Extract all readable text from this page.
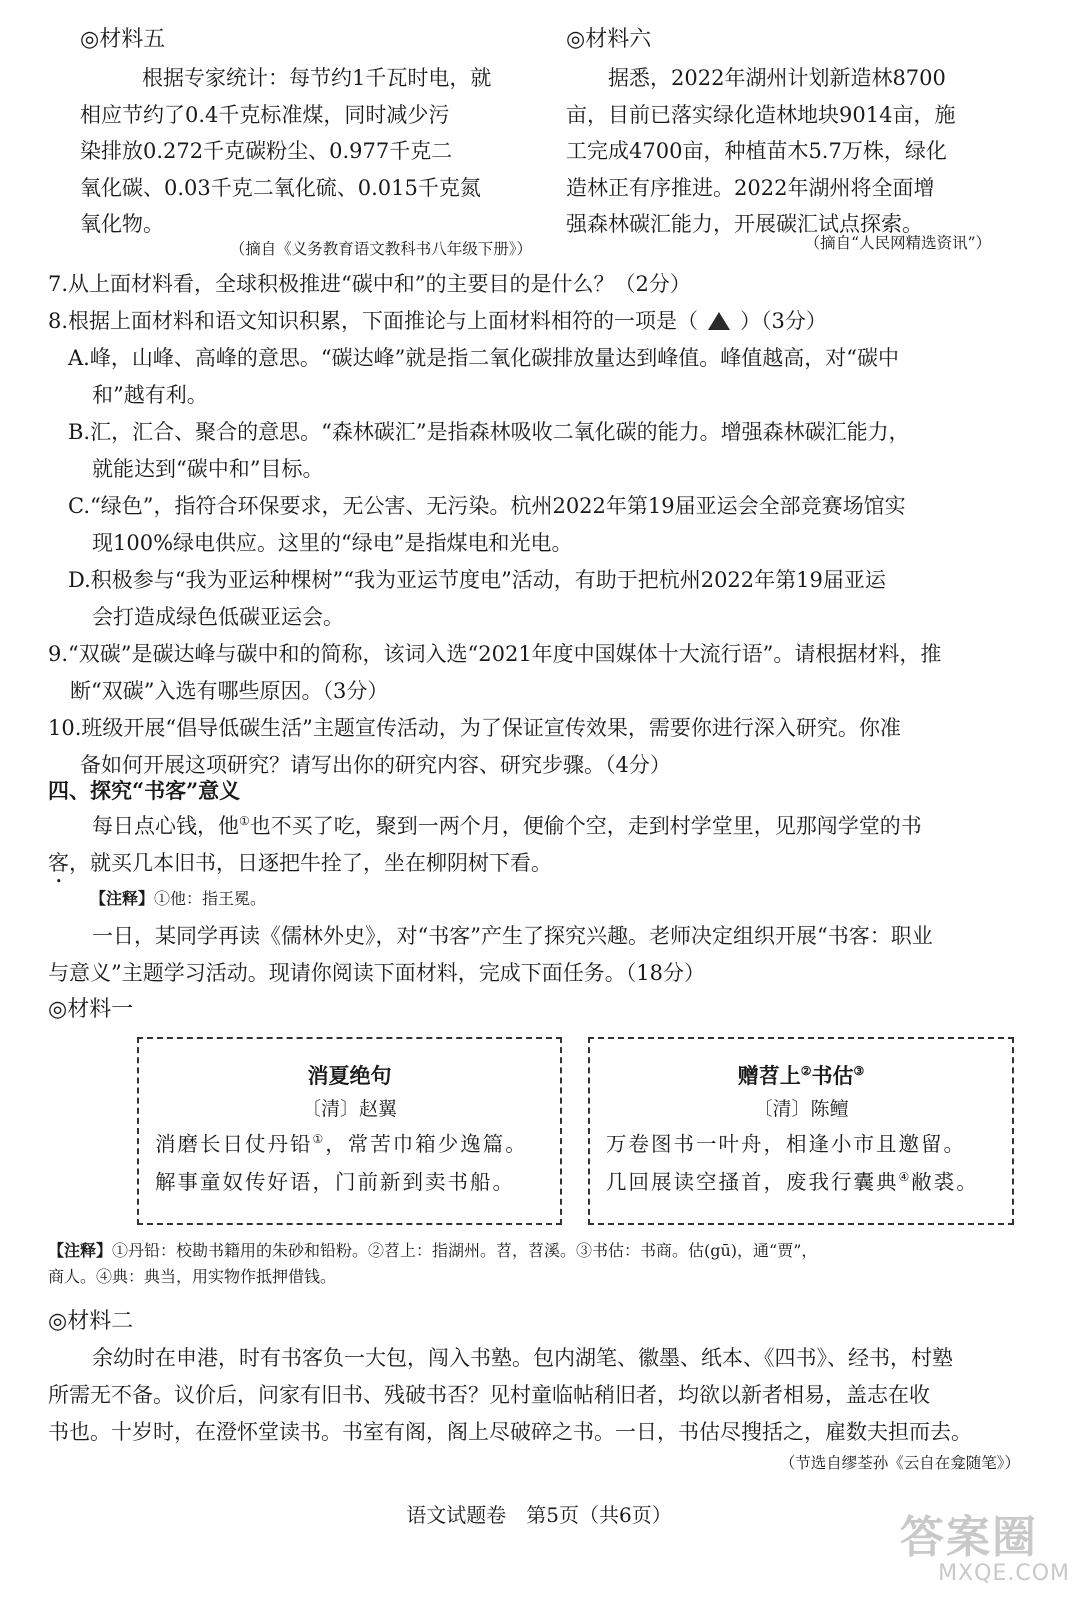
◎材料五

根据专家统计：每节约1千瓦时电，就

相应节约了0.4千克标准煤，同时减少污

染排放0.272千克碳粉尘、0.977千克二

氧化碳、0.03千克二氧化硫、0.015千克氮

氧化物。

（摘自《义务教育语文教科书八年级下册》）
◎材料六

据悉，2022年湖州计划新造林8700

亩，目前已落实绿化造林地块9014亩，施

工完成4700亩，种植苗木5.7万株，绿化

造林正有序推进。2022年湖州将全面增

强森林碳汇能力，开展碳汇试点探索。

（摘自“人民网精选资讯”）

7.从上面材料看，全球积极推进“碳中和”的主要目的是什么？（2分）

8.根据上面材料和语文知识积累，下面推论与上面材料相符的一项是（ ）（3分）

A.峰，山峰、高峰的意思。“碳达峰”就是指二氧化碳排放量达到峰值。峰值越高，对“碳中

和”越有利。

B.汇，汇合、聚合的意思。“森林碳汇”是指森林吸收二氧化碳的能力。增强森林碳汇能力，

就能达到“碳中和”目标。

C.“绿色”，指符合环保要求，无公害、无污染。杭州2022年第19届亚运会全部竞赛场馆实

现100%绿电供应。这里的“绿电”是指煤电和光电。

D.积极参与“我为亚运种棵树”“我为亚运节度电”活动，有助于把杭州2022年第19届亚运

会打造成绿色低碳亚运会。

9.“双碳”是碳达峰与碳中和的简称，该词入选“2021年度中国媒体十大流行语”。请根据材料，推

断“双碳”入选有哪些原因。（3分）

10.班级开展“倡导低碳生活”主题宣传活动，为了保证宣传效果，需要你进行深入研究。你准

备如何开展这项研究？请写出你的研究内容、研究步骤。（4分）

四、探究“书客”意义

每日点心钱，他①也不买了吃，聚到一两个月，便偷个空，走到村学堂里，见那闯学堂的书

客，就买几本旧书，日逐把牛拴了，坐在柳阴树下看。

【注释】①他：指王冕。

一日，某同学再读《儒林外史》，对“书客”产生了探究兴趣。老师决定组织开展“书客：职业

与意义”主题学习活动。现请你阅读下面材料，完成下面任务。（18分）

◎材料一
消夏绝句
〔清〕赵翼
消磨长日仗丹铅①，常苦巾箱少逸篇。
解事童奴传好语，门前新到卖书船。
赠苕上②书估③
〔清〕陈鳣
万卷图书一叶舟，相逢小市且邀留。
几回展读空搔首，废我行囊典④敝裘。

【注释】①丹铅：校勘书籍用的朱砂和铅粉。②苕上：指湖州。苕，苕溪。③书估：书商。估(gū)，通“贾”，

商人。④典：典当，用实物作抵押借钱。

◎材料二

余幼时在申港，时有书客负一大包，闯入书塾。包内湖笔、徽墨、纸本、《四书》、经书，村塾

所需无不备。议价后，问家有旧书、残破书否？见村童临帖稍旧者，均欲以新者相易，盖志在收

书也。十岁时，在澄怀堂读书。书室有阁，阁上尽破碎之书。一日，书估尽搜括之，雇数夫担而去。

（节选自缪荃孙《云自在龛随笔》）
语文试题卷　第5页（共6页）	答案圈
MXQE.COM
